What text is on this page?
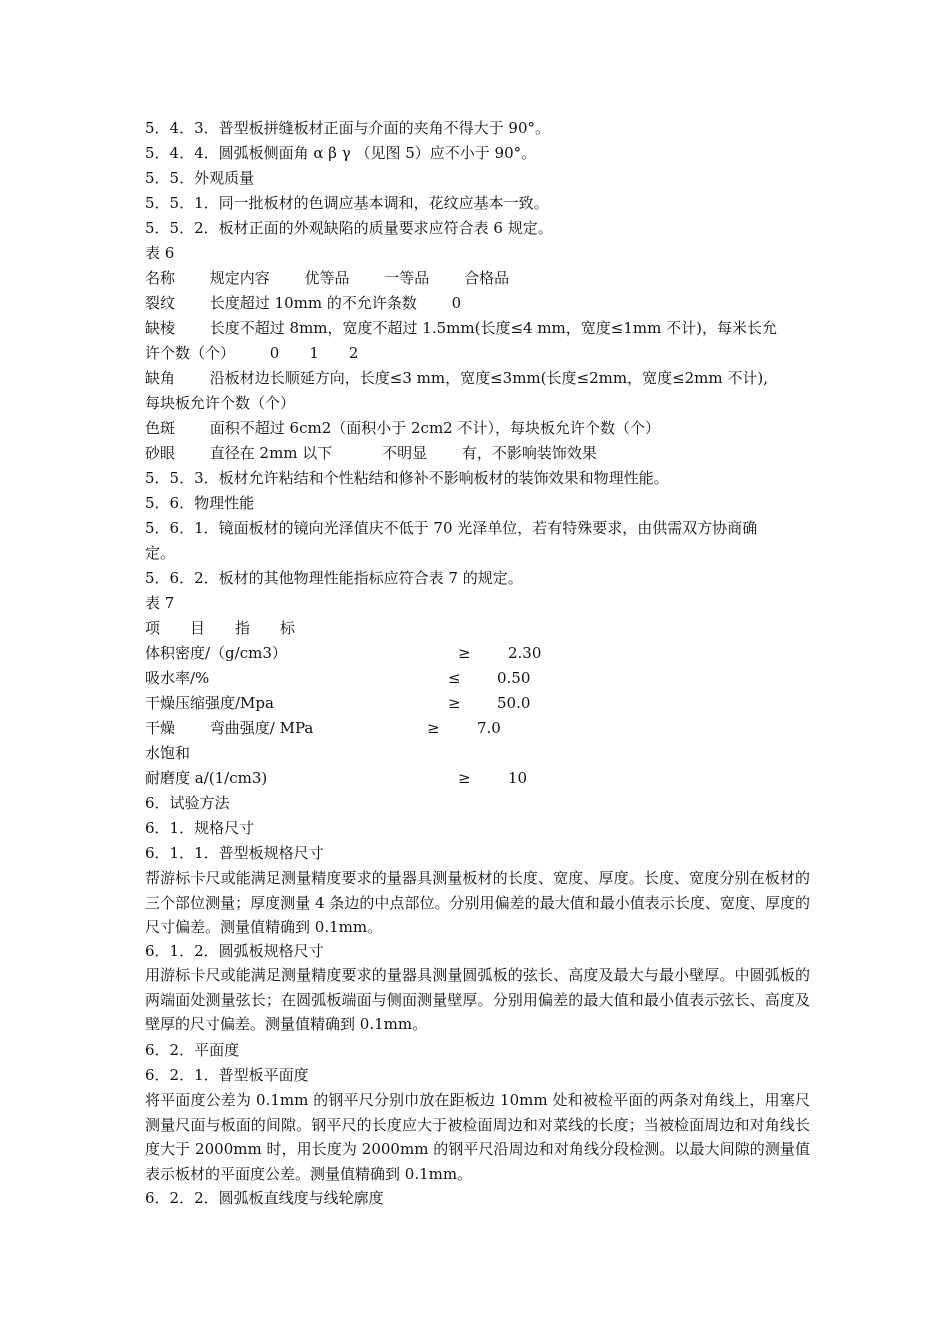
5．4．3．普型板拼缝板材正面与介面的夹角不得大于 90°。
5．4．4．圆弧板侧面角 α β γ （见图 5）应不小于 90°。
5．5．外观质量
5．5．1．同一批板材的色调应基本调和，花纹应基本一致。
5．5．2．板材正面的外观缺陷的质量要求应符合表 6 规定。
表 6
名称 　　规定内容 　　优等品 　　一等品 　　合格品
裂纹 　　长度超过 10mm 的不允许条数 　　0
缺棱 　　长度不超过 8mm，宽度不超过 1.5mm(长度≤4 mm，宽度≤1mm 不计)，每米长允
许个数（个） 　　0　　1　　2
缺角 　　沿板材边长顺延方向，长度≤3 mm，宽度≤3mm(长度≤2mm，宽度≤2mm 不计),
每块板允许个数（个）
色斑 　　面积不超过 6cm2（面积小于 2cm2 不计），每块板允许个数（个）
砂眼 　　直径在 2mm 以下 　　　不明显 　　有，不影响装饰效果
5．5．3．板材允许粘结和个性粘结和修补不影响板材的装饰效果和物理性能。
5．6．物理性能
5．6．1．镜面板材的镜向光泽值庆不低于 70 光泽单位，若有特殊要求，由供需双方协商确
定。
5．6．2．板材的其他物理性能指标应符合表 7 的规定。
表 7
项　　目　　指　　标
体积密度/（g/cm3）	≥ 2.30
吸水率/%	≤ 0.50
干燥压缩强度/Mpa	≥ 50.0
干燥 　　弯曲强度/ MPa	≥ 7.0
水饱和
耐磨度 a/(1/cm3)	≥ 10
6．试验方法
6．1．规格尺寸
6．1．1．普型板规格尺寸
帮游标卡尺或能满足测量精度要求的量器具测量板材的长度、宽度、厚度。长度、宽度分别在板材的三个部位测量；厚度测量 4 条边的中点部位。分别用偏差的最大值和最小值表示长度、宽度、厚度的尺寸偏差。测量值精确到 0.1mm。
6．1．2．圆弧板规格尺寸
用游标卡尺或能满足测量精度要求的量器具测量圆弧板的弦长、高度及最大与最小壁厚。中圆弧板的两端面处测量弦长；在圆弧板端面与侧面测量壁厚。分别用偏差的最大值和最小值表示弦长、高度及壁厚的尺寸偏差。测量值精确到 0.1mm。
6．2．平面度
6．2．1．普型板平面度
将平面度公差为 0.1mm 的钢平尺分别巾放在距板边 10mm 处和被检平面的两条对角线上，用塞尺测量尺面与板面的间隙。钢平尺的长度应大于被检面周边和对菜线的长度；当被检面周边和对角线长度大于 2000mm 时，用长度为 2000mm 的钢平尺沿周边和对角线分段检测。以最大间隙的测量值表示板材的平面度公差。测量值精确到 0.1mm。
6．2．2．圆弧板直线度与线轮廓度
